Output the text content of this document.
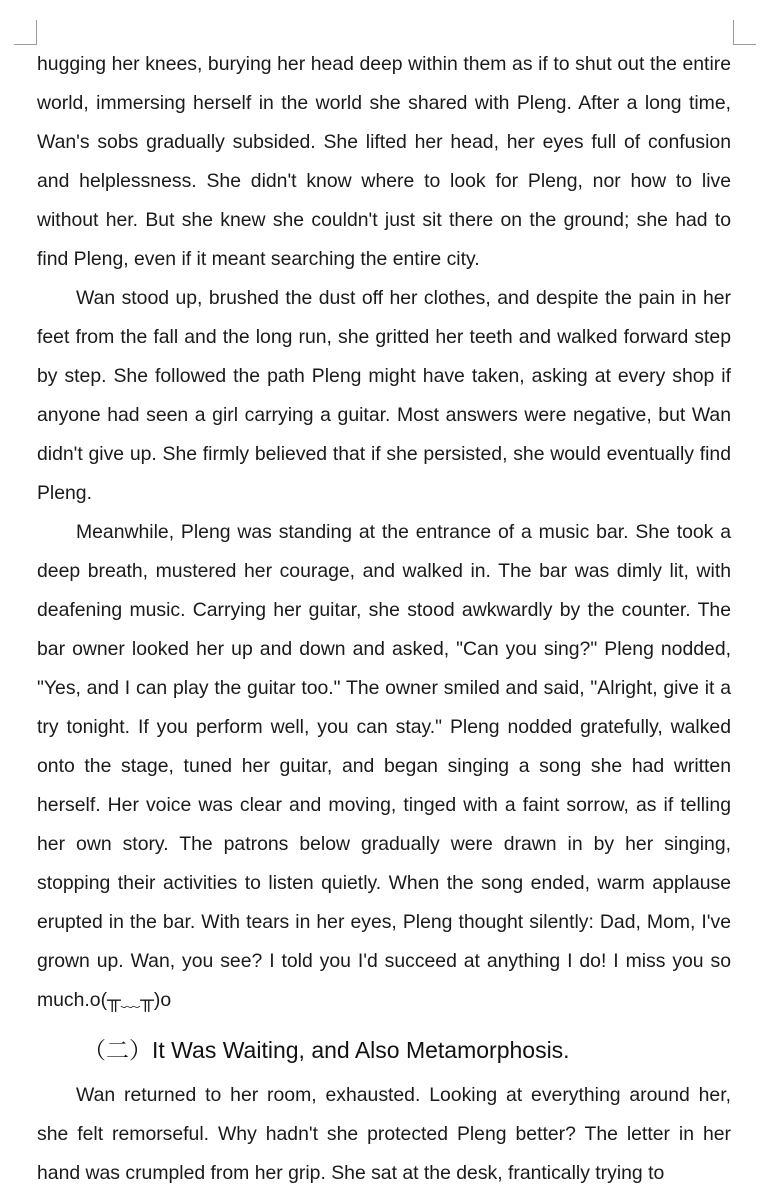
hugging her knees, burying her head deep within them as if to shut out the entire world, immersing herself in the world she shared with Pleng. After a long time, Wan's sobs gradually subsided. She lifted her head, her eyes full of confusion and helplessness. She didn't know where to look for Pleng, nor how to live without her. But she knew she couldn't just sit there on the ground; she had to find Pleng, even if it meant searching the entire city.

Wan stood up, brushed the dust off her clothes, and despite the pain in her feet from the fall and the long run, she gritted her teeth and walked forward step by step. She followed the path Pleng might have taken, asking at every shop if anyone had seen a girl carrying a guitar. Most answers were negative, but Wan didn't give up. She firmly believed that if she persisted, she would eventually find Pleng.

Meanwhile, Pleng was standing at the entrance of a music bar. She took a deep breath, mustered her courage, and walked in. The bar was dimly lit, with deafening music. Carrying her guitar, she stood awkwardly by the counter. The bar owner looked her up and down and asked, "Can you sing?" Pleng nodded, "Yes, and I can play the guitar too." The owner smiled and said, "Alright, give it a try tonight. If you perform well, you can stay." Pleng nodded gratefully, walked onto the stage, tuned her guitar, and began singing a song she had written herself. Her voice was clear and moving, tinged with a faint sorrow, as if telling her own story. The patrons below gradually were drawn in by her singing, stopping their activities to listen quietly. When the song ended, warm applause erupted in the bar. With tears in her eyes, Pleng thought silently: Dad, Mom, I've grown up. Wan, you see? I told you I'd succeed at anything I do! I miss you so much.o(╥﹏╥)o

（二）It Was Waiting, and Also Metamorphosis.

Wan returned to her room, exhausted. Looking at everything around her, she felt remorseful. Why hadn't she protected Pleng better? The letter in her hand was crumpled from her grip. She sat at the desk, frantically trying to
